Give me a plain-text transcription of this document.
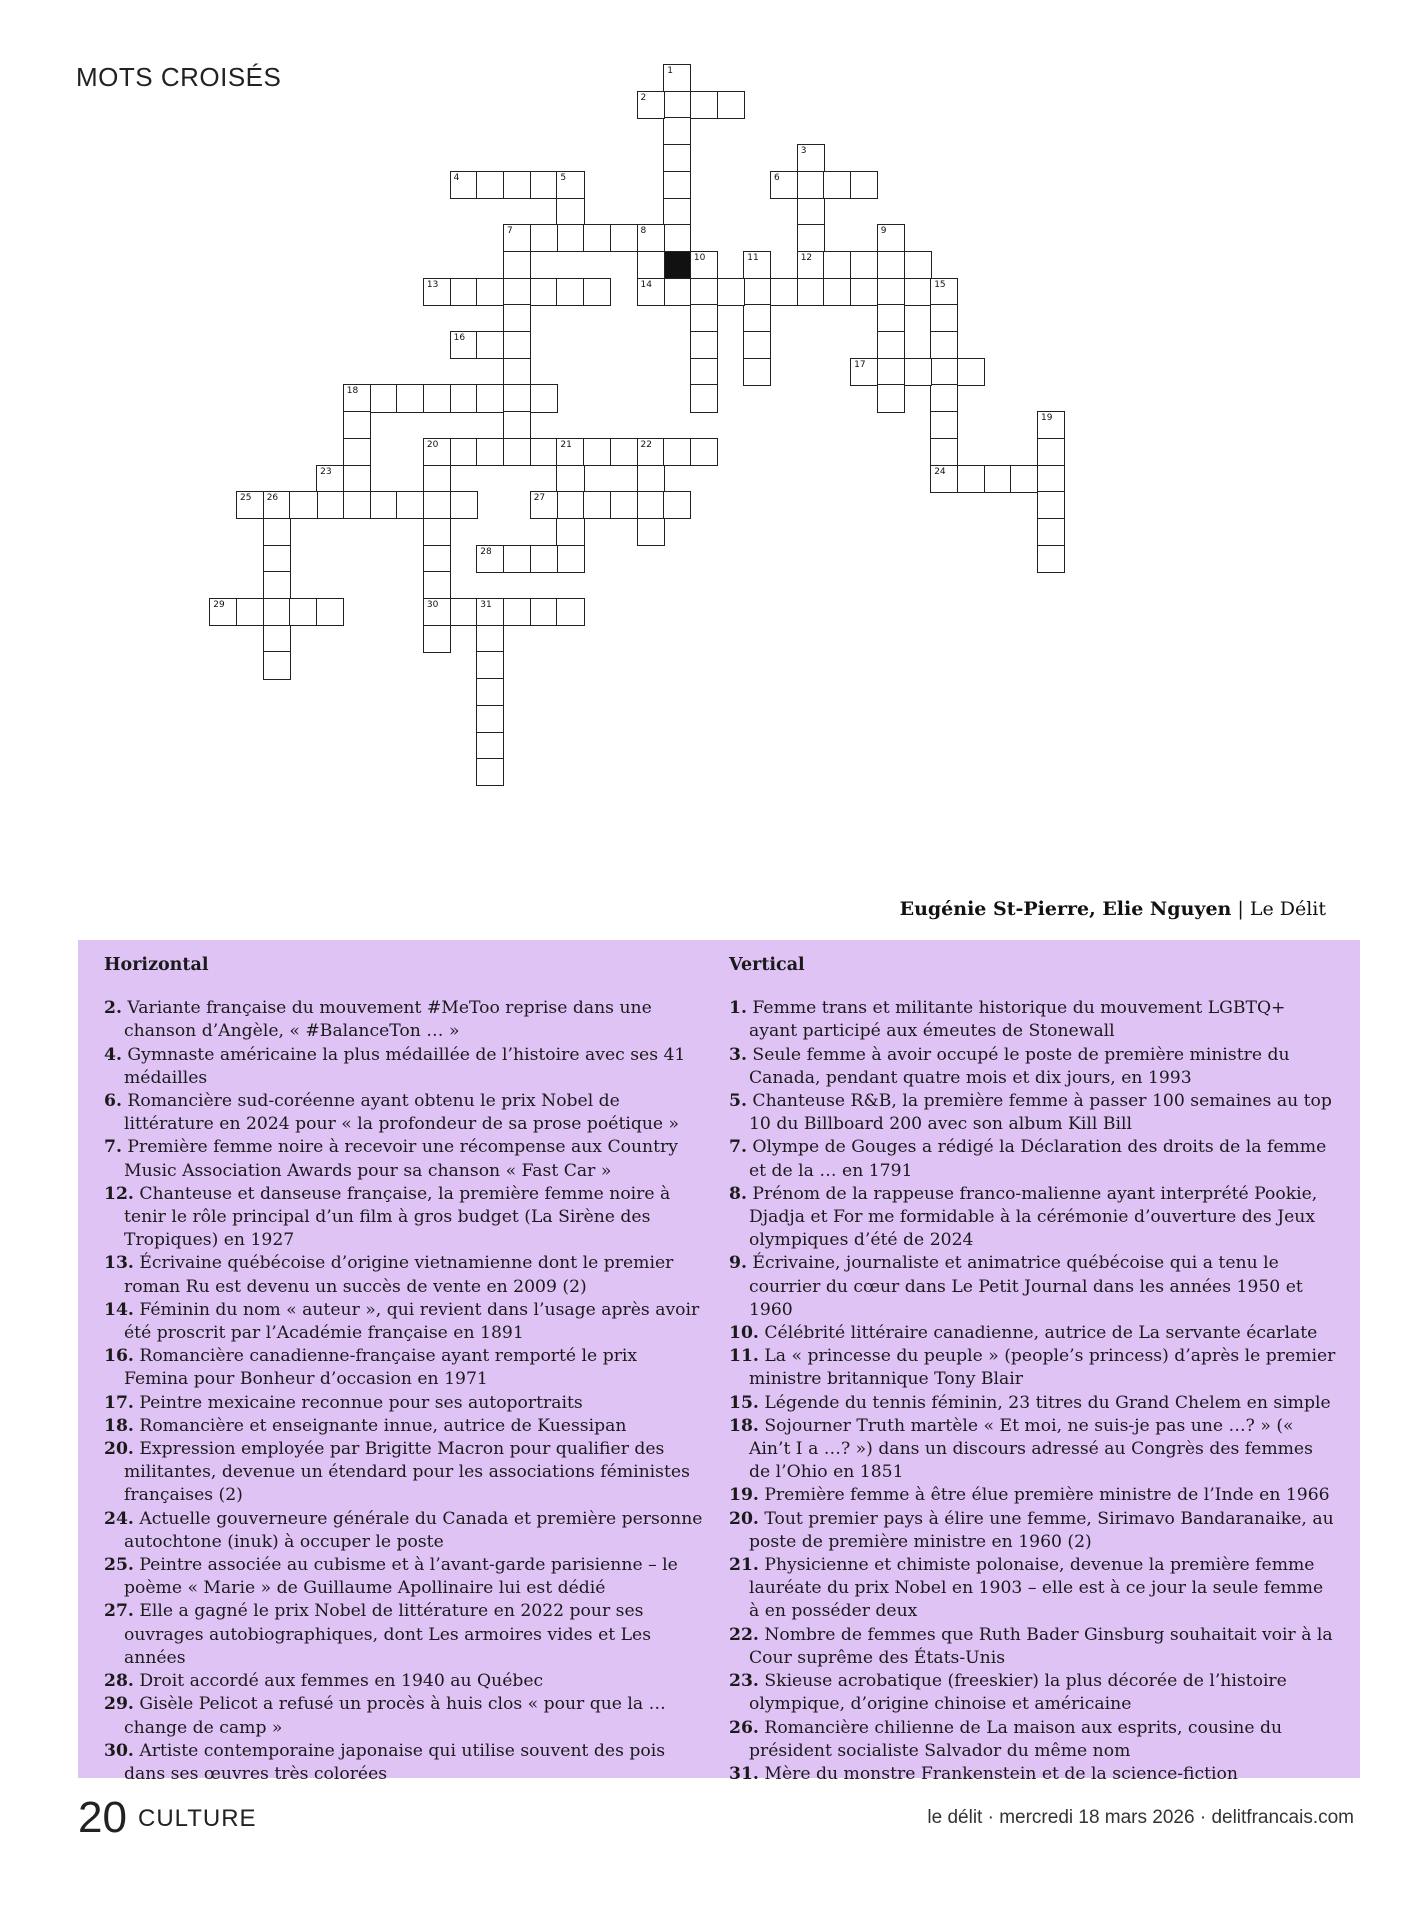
MOTS CROISÉS	1
2
3
12
4	5	6
7	8
14
9
10	11
13	15
24
16
17
18
19
20	21	22
30
23
25 26	27
28
29	31
Eugénie St-Pierre, Elie Nguyen | Le Délit
Horizontal
2. Variante française du mouvement #MeToo reprise dans une chanson d’Angèle, « #BalanceTon … »
4. Gymnaste américaine la plus médaillée de l’histoire avec ses 41 médailles
6. Romancière sud-coréenne ayant obtenu le prix Nobel de littérature en 2024 pour « la profondeur de sa prose poétique »
7. Première femme noire à recevoir une récompense aux Country Music Association Awards pour sa chanson « Fast Car »
12. Chanteuse et danseuse française, la première femme noire à tenir le rôle principal d’un film à gros budget (La Sirène des Tropiques) en 1927
13. Écrivaine québécoise d’origine vietnamienne dont le premier roman Ru est devenu un succès de vente en 2009 (2)
14. Féminin du nom « auteur », qui revient dans l’usage après avoir été proscrit par l’Académie française en 1891
16. Romancière canadienne-française ayant remporté le prix Femina pour Bonheur d’occasion en 1971
17. Peintre mexicaine reconnue pour ses autoportraits
18. Romancière et enseignante innue, autrice de Kuessipan
20. Expression employée par Brigitte Macron pour qualifier des militantes, devenue un étendard pour les associations féministes françaises (2)
24. Actuelle gouverneure générale du Canada et première personne autochtone (inuk) à occuper le poste
25. Peintre associée au cubisme et à l’avant-garde parisienne – le poème « Marie » de Guillaume Apollinaire lui est dédié
27. Elle a gagné le prix Nobel de littérature en 2022 pour ses ouvrages autobiographiques, dont Les armoires vides et Les années
28. Droit accordé aux femmes en 1940 au Québec
29. Gisèle Pelicot a refusé un procès à huis clos « pour que la … change de camp »
30. Artiste contemporaine japonaise qui utilise souvent des pois dans ses œuvres très colorées
Vertical
1. Femme trans et militante historique du mouvement LGBTQ+ ayant participé aux émeutes de Stonewall
3. Seule femme à avoir occupé le poste de première ministre du Canada, pendant quatre mois et dix jours, en 1993
5. Chanteuse R&B, la première femme à passer 100 semaines au top 10 du Billboard 200 avec son album Kill Bill
7. Olympe de Gouges a rédigé la Déclaration des droits de la femme et de la … en 1791
8. Prénom de la rappeuse franco-malienne ayant interprété Pookie, Djadja et For me formidable à la cérémonie d’ouverture des Jeux olympiques d’été de 2024
9. Écrivaine, journaliste et animatrice québécoise qui a tenu le courrier du cœur dans Le Petit Journal dans les années 1950 et 1960
10. Célébrité littéraire canadienne, autrice de La servante écarlate
11. La « princesse du peuple » (people’s princess) d’après le premier ministre britannique Tony Blair
15. Légende du tennis féminin, 23 titres du Grand Chelem en simple
18. Sojourner Truth martèle « Et moi, ne suis-je pas une …? » (« Ain’t I a …? ») dans un discours adressé au Congrès des femmes de l’Ohio en 1851
19. Première femme à être élue première ministre de l’Inde en 1966
20. Tout premier pays à élire une femme, Sirimavo Bandaranaike, au poste de première ministre en 1960 (2)
21. Physicienne et chimiste polonaise, devenue la première femme lauréate du prix Nobel en 1903 – elle est à ce jour la seule femme à en posséder deux
22. Nombre de femmes que Ruth Bader Ginsburg souhaitait voir à la Cour suprême des États-Unis
23. Skieuse acrobatique (freeskier) la plus décorée de l’histoire olympique, d’origine chinoise et américaine
26. Romancière chilienne de La maison aux esprits, cousine du président socialiste Salvador du même nom
31. Mère du monstre Frankenstein et de la science-fiction
20 CULTURE	le délit · mercredi 18 mars 2026 · delitfrancais.com
